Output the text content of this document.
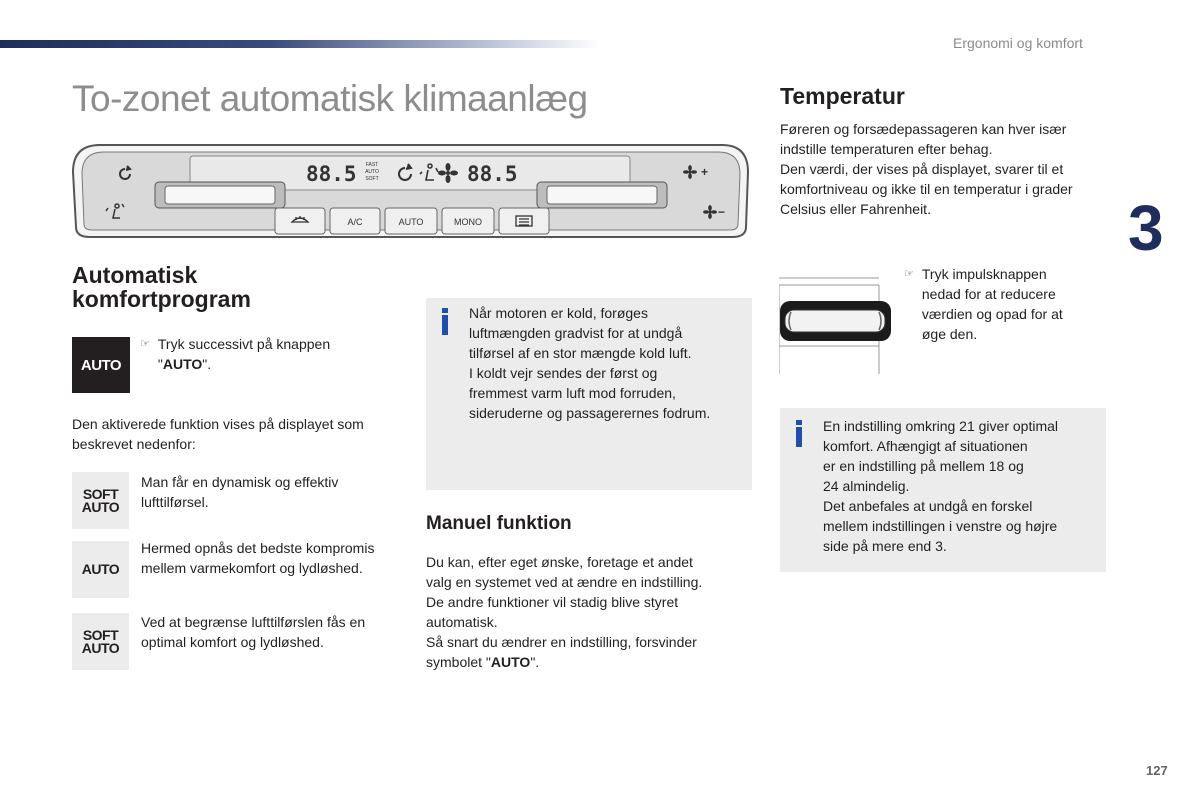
Ergonomi og komfort
3
127
To-zonet automatisk klimaanlæg
A/C	AUTO	MONO
88.5	88.5
FAST
AUTO
SOFT	+
−
Automatisk
komfortprogram
AUTO
☞ Tryk successivt på knappen "AUTO".
Den aktiverede funktion vises på displayet som beskrevet nedenfor:
SOFT
AUTO
Man får en dynamisk og effektiv lufttilførsel.
AUTO
Hermed opnås det bedste kompromis mellem varmekomfort og lydløshed.
SOFT
AUTO
Ved at begrænse lufttilførslen fås en optimal komfort og lydløshed.
Når motoren er kold, forøges
luftmængden gradvist for at undgå
tilførsel af en stor mængde kold luft.
I koldt vejr sendes der først og
fremmest varm luft mod forruden,
sideruderne og passagerernes fodrum.
Manuel funktion
Du kan, efter eget ønske, foretage et andet
valg en systemet ved at ændre en indstilling.
De andre funktioner vil stadig blive styret
automatisk.
Så snart du ændrer en indstilling, forsvinder
symbolet "AUTO".
Temperatur
Føreren og forsædepassageren kan hver især
indstille temperaturen efter behag.
Den værdi, der vises på displayet, svarer til et
komfortniveau og ikke til en temperatur i grader
Celsius eller Fahrenheit.
☞ Tryk impulsknappen
nedad for at reducere
værdien og opad for at
øge den.
En indstilling omkring 21 giver optimal
komfort. Afhængigt af situationen
er en indstilling på mellem 18 og
24 almindelig.
Det anbefales at undgå en forskel
mellem indstillingen i venstre og højre
side på mere end 3.
